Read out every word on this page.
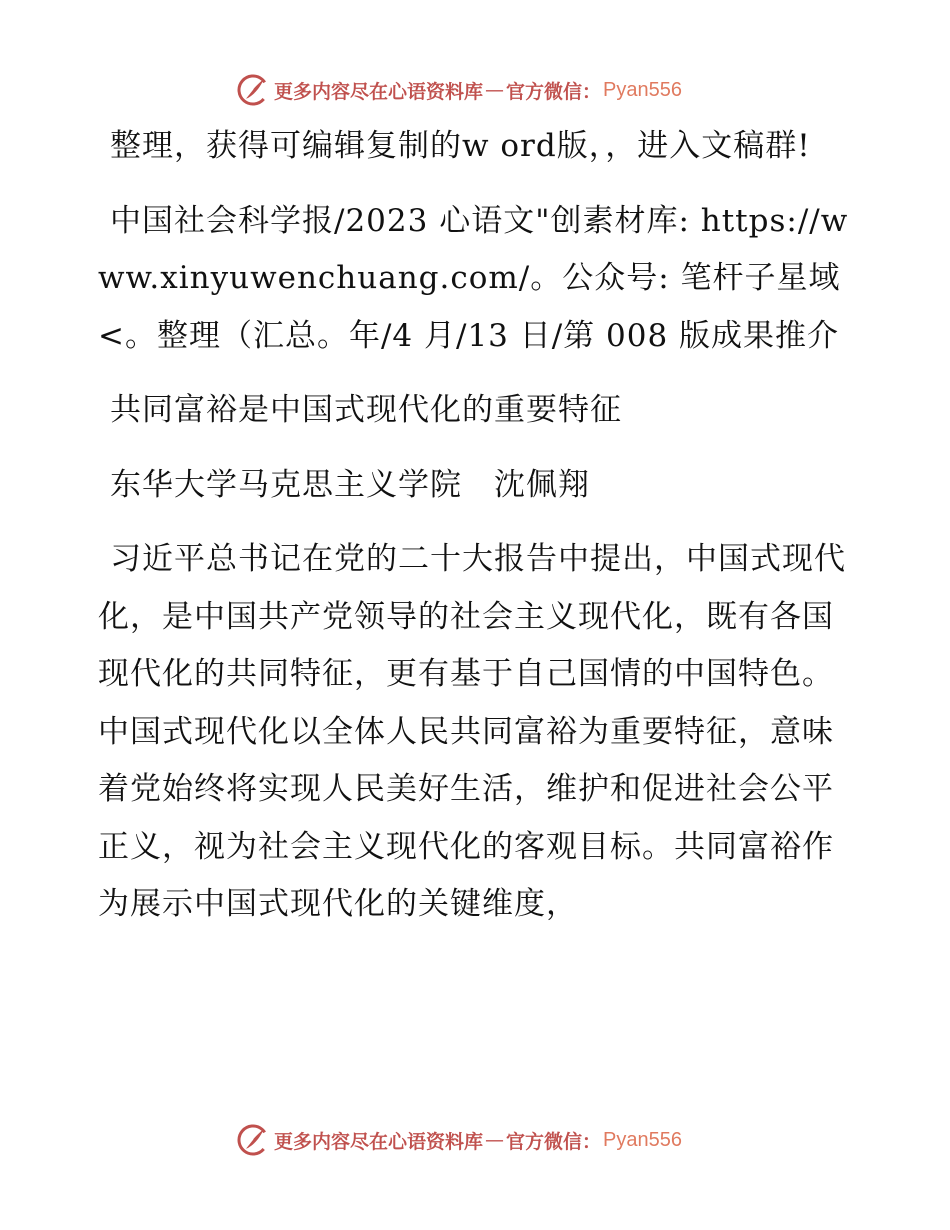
更多内容尽在心语资料库 — 官方微信： Pyan556

整理，获得可编辑复制的w ord版，，进入文稿群!

中国社会科学报/2023 心语文"创素材库: https://www.xinyuwenchuang.com/。公众号: 笔杆子星域<。整理（汇总。年/4 月/13 日/第 008 版成果推介

共同富裕是中国式现代化的重要特征

东华大学马克思主义学院　沈佩翔

习近平总书记在党的二十大报告中提出，中国式现代化，是中国共产党领导的社会主义现代化，既有各国现代化的共同特征，更有基于自己国情的中国特色。中国式现代化以全体人民共同富裕为重要特征，意味着党始终将实现人民美好生活，维护和促进社会公平正义，视为社会主义现代化的客观目标。共同富裕作为展示中国式现代化的关键维度，

更多内容尽在心语资料库 — 官方微信： Pyan556
